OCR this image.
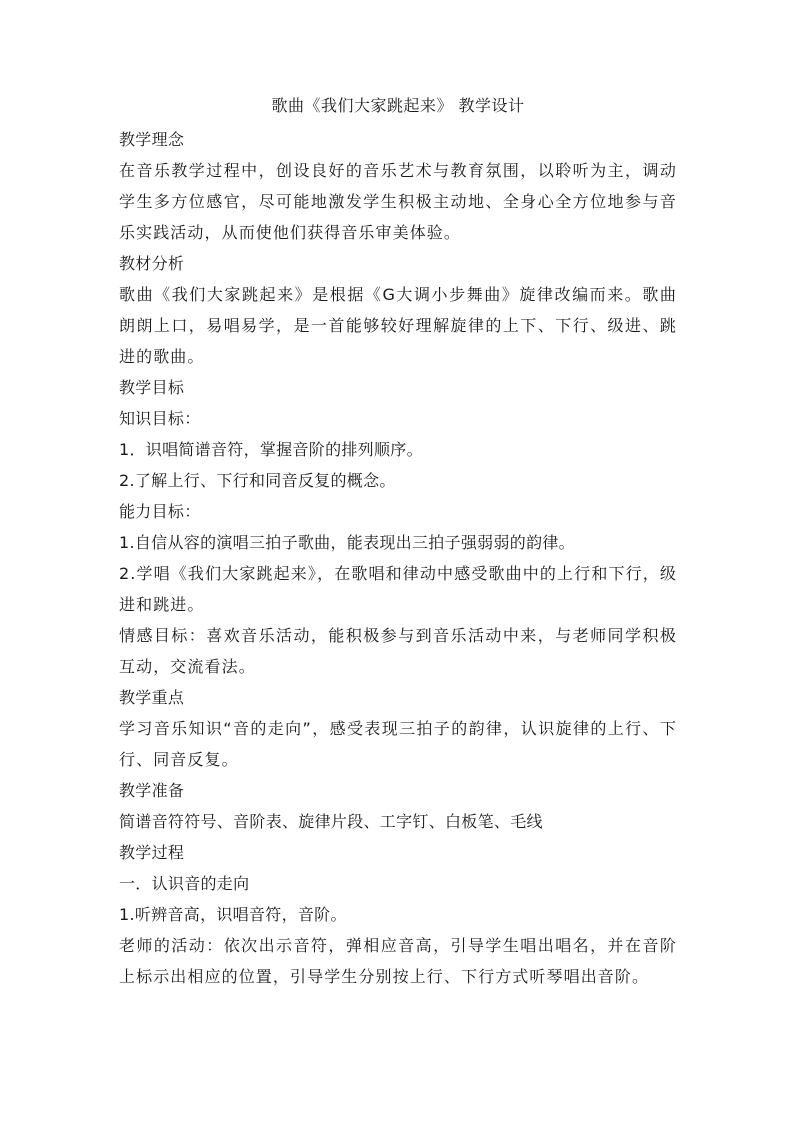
歌曲《我们大家跳起来》 教学设计
教学理念
在音乐教学过程中，创设良好的音乐艺术与教育氛围，以聆听为主，调动学生多方位感官，尽可能地激发学生积极主动地、全身心全方位地参与音乐实践活动，从而使他们获得音乐审美体验。
教材分析
歌曲《我们大家跳起来》是根据《G大调小步舞曲》旋律改编而来。歌曲朗朗上口，易唱易学，是一首能够较好理解旋律的上下、下行、级进、跳进的歌曲。
教学目标
知识目标：
1．识唱简谱音符，掌握音阶的排列顺序。
2.了解上行、下行和同音反复的概念。
能力目标：
1.自信从容的演唱三拍子歌曲，能表现出三拍子强弱弱的韵律。
2.学唱《我们大家跳起来》，在歌唱和律动中感受歌曲中的上行和下行，级进和跳进。
情感目标：喜欢音乐活动，能积极参与到音乐活动中来，与老师同学积极互动，交流看法。
教学重点
学习音乐知识“音的走向”，感受表现三拍子的韵律，认识旋律的上行、下行、同音反复。
教学准备
简谱音符符号、音阶表、旋律片段、工字钉、白板笔、毛线
教学过程
一．认识音的走向
1.听辨音高，识唱音符，音阶。
老师的活动：依次出示音符，弹相应音高，引导学生唱出唱名，并在音阶上标示出相应的位置，引导学生分别按上行、下行方式听琴唱出音阶。
